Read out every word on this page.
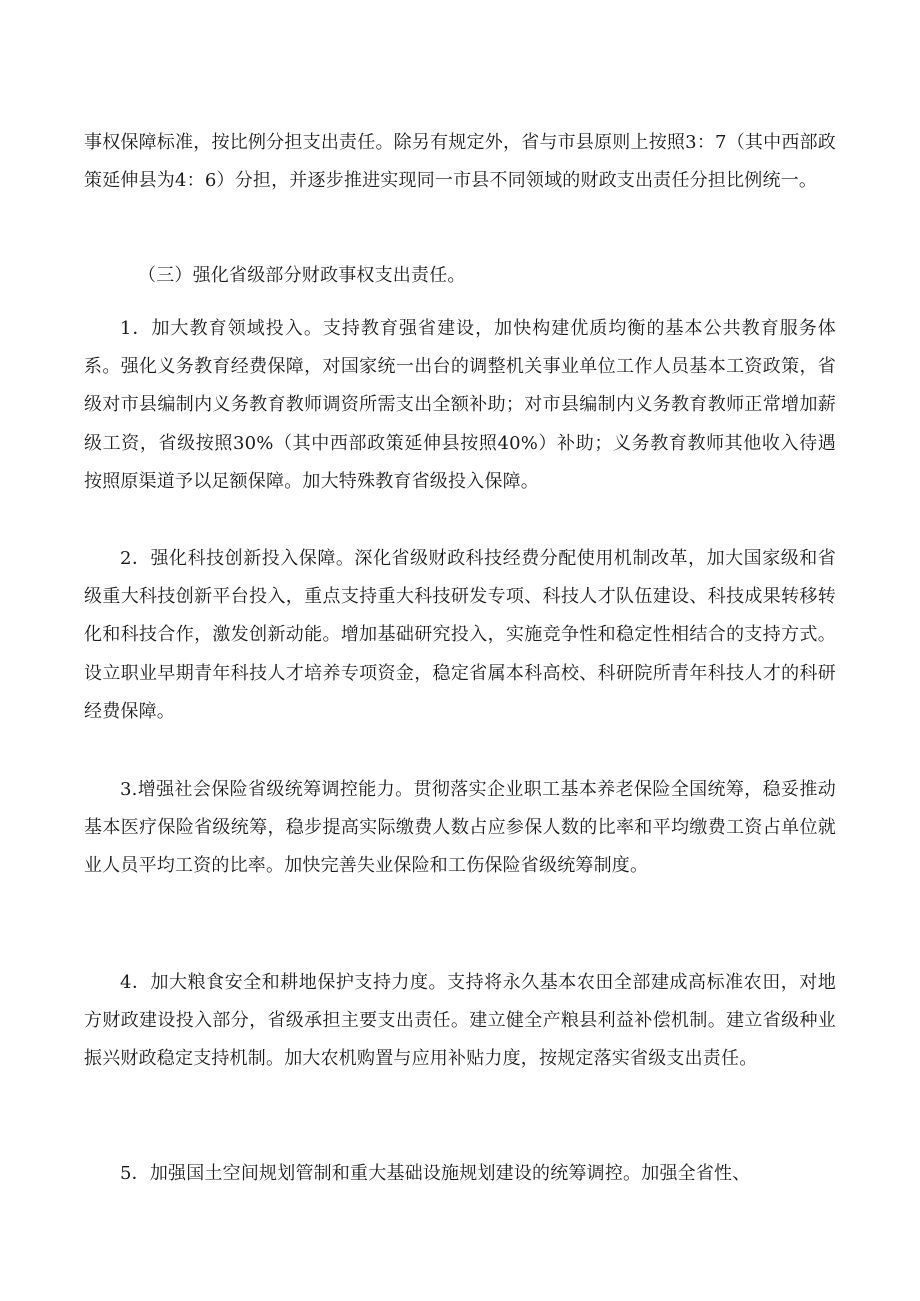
事权保障标准，按比例分担支出责任。除另有规定外，省与市县原则上按照3：7（其中西部政策延伸县为4：6）分担，并逐步推进实现同一市县不同领域的财政支出责任分担比例统一。

（三）强化省级部分财政事权支出责任。

1．加大教育领域投入。支持教育强省建设，加快构建优质均衡的基本公共教育服务体系。强化义务教育经费保障，对国家统一出台的调整机关事业单位工作人员基本工资政策，省级对市县编制内义务教育教师调资所需支出全额补助；对市县编制内义务教育教师正常增加薪级工资，省级按照30%（其中西部政策延伸县按照40%）补助；义务教育教师其他收入待遇按照原渠道予以足额保障。加大特殊教育省级投入保障。

2．强化科技创新投入保障。深化省级财政科技经费分配使用机制改革，加大国家级和省级重大科技创新平台投入，重点支持重大科技研发专项、科技人才队伍建设、科技成果转移转化和科技合作，激发创新动能。增加基础研究投入，实施竞争性和稳定性相结合的支持方式。设立职业早期青年科技人才培养专项资金，稳定省属本科高校、科研院所青年科技人才的科研经费保障。

3.增强社会保险省级统筹调控能力。贯彻落实企业职工基本养老保险全国统筹，稳妥推动基本医疗保险省级统筹，稳步提高实际缴费人数占应参保人数的比率和平均缴费工资占单位就业人员平均工资的比率。加快完善失业保险和工伤保险省级统筹制度。

4．加大粮食安全和耕地保护支持力度。支持将永久基本农田全部建成高标准农田，对地方财政建设投入部分，省级承担主要支出责任。建立健全产粮县利益补偿机制。建立省级种业振兴财政稳定支持机制。加大农机购置与应用补贴力度，按规定落实省级支出责任。

5．加强国土空间规划管制和重大基础设施规划建设的统筹调控。加强全省性、
